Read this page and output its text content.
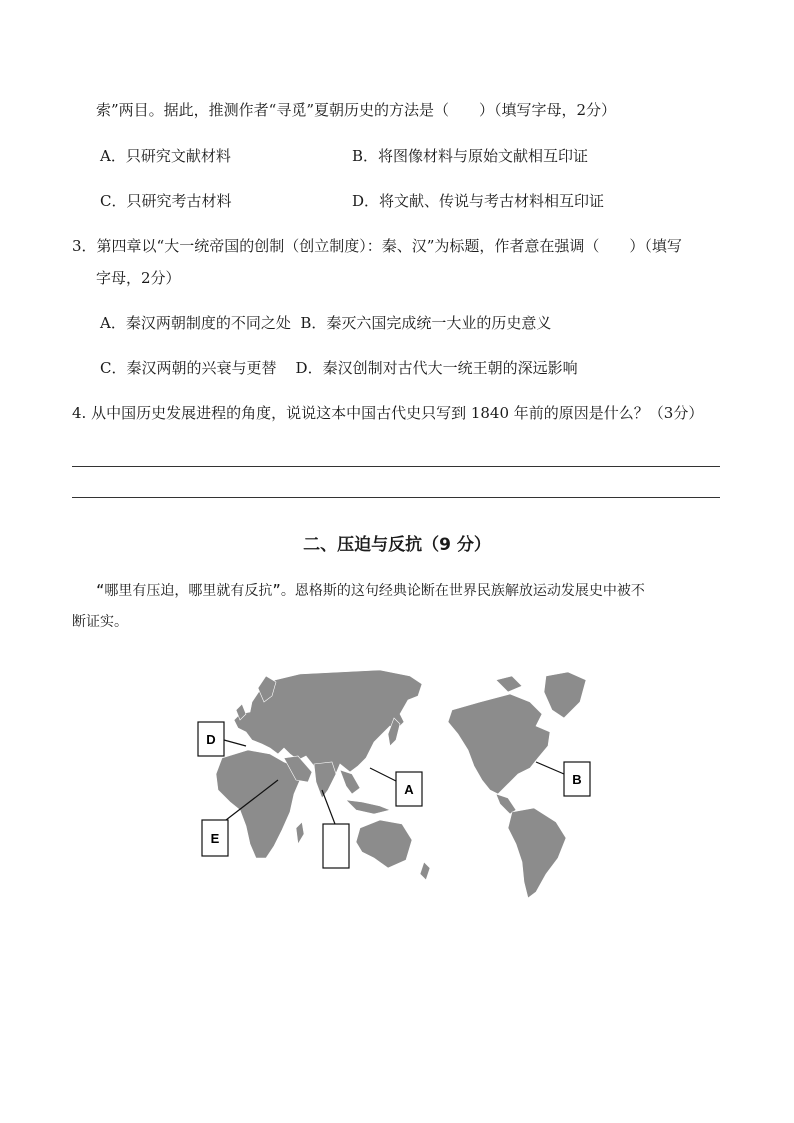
索”两目。据此，推测作者“寻觅”夏朝历史的方法是（　　）（填写字母，2分）
A．只研究文献材料	B．将图像材料与原始文献相互印证
C．只研究考古材料	D．将文献、传说与考古材料相互印证
3．第四章以“大一统帝国的创制（创立制度）：秦、汉”为标题，作者意在强调（　　）（填写
字母，2分）
A．秦汉两朝制度的不同之处  B．秦灭六国完成统一大业的历史意义
C．秦汉两朝的兴衰与更替    D．秦汉创制对古代大一统王朝的深远影响
4. 从中国历史发展进程的角度，说说这本中国古代史只写到 1840 年前的原因是什么？（3分）
二、压迫与反抗（9 分）
“哪里有压迫，哪里就有反抗”。恩格斯的这句经典论断在世界民族解放运动发展史中被不
断证实。
D
E
A
B
